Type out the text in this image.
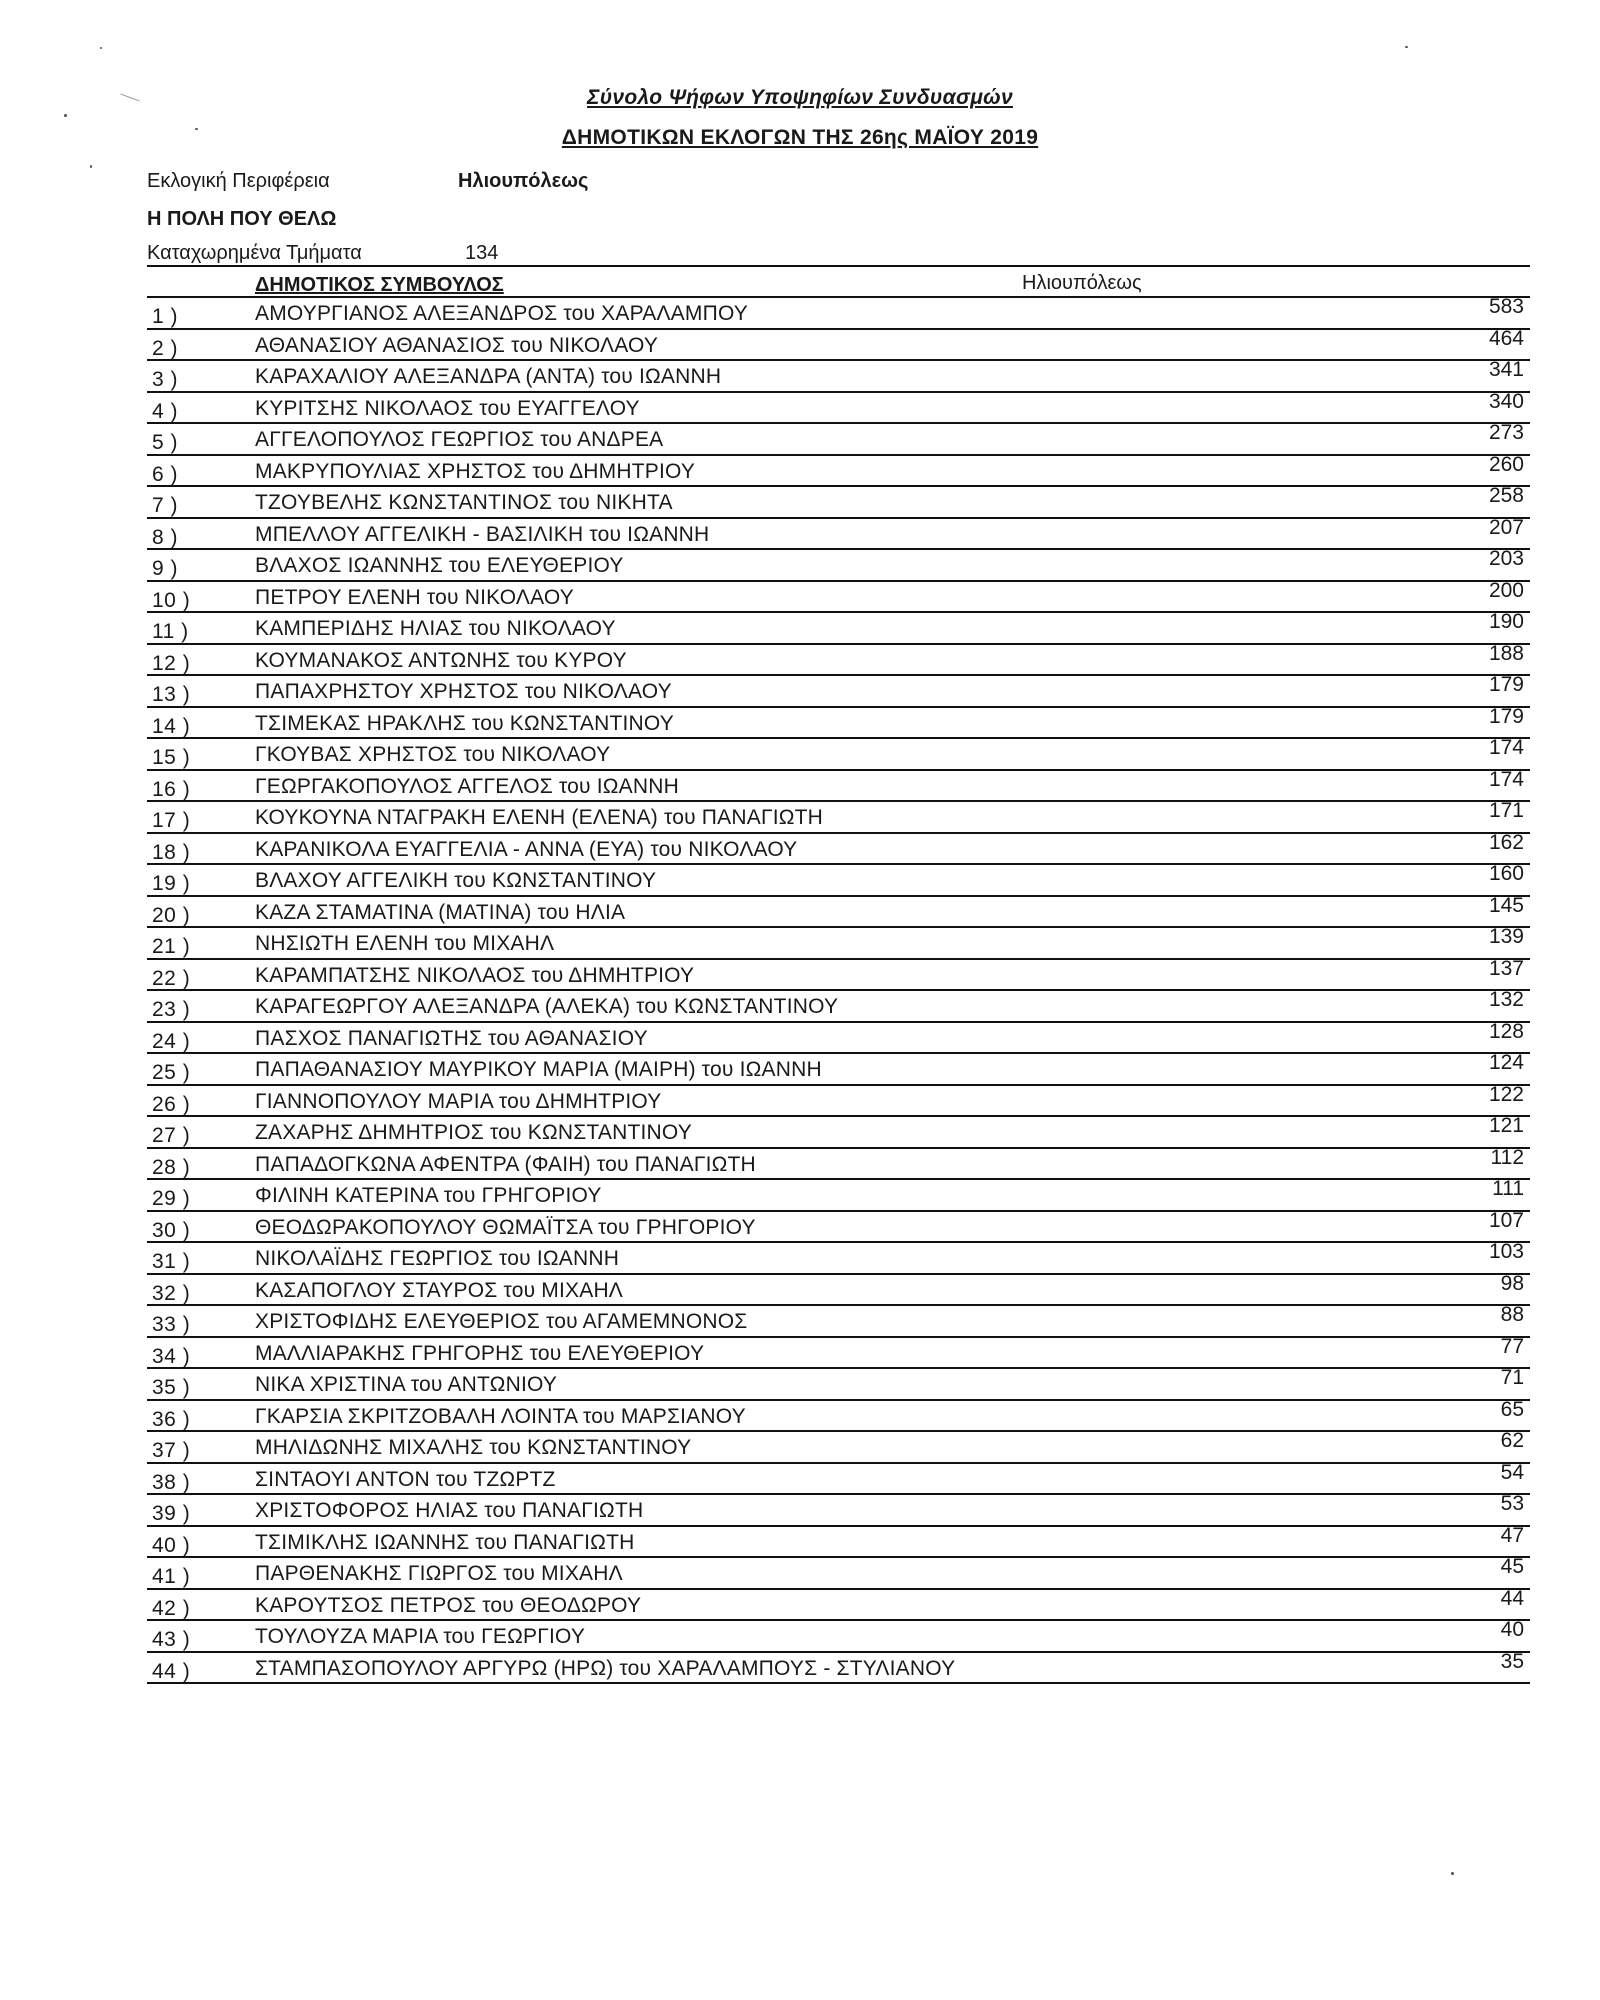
Σύνολο Ψήφων Υποψηφίων Συνδυασμών
ΔΗΜΟΤΙΚΩΝ ΕΚΛΟΓΩΝ ΤΗΣ 26ης ΜΑΪΟΥ 2019
Εκλογική Περιφέρεια	Ηλιουπόλεως
Η ΠΟΛΗ ΠΟΥ ΘΕΛΩ
Καταχωρημένα Τμήματα	134
ΔΗΜΟΤΙΚΟΣ ΣΥΜΒΟΥΛΟΣ	Ηλιουπόλεως
1 )	ΑΜΟΥΡΓΙΑΝΟΣ ΑΛΕΞΑΝΔΡΟΣ του ΧΑΡΑΛΑΜΠΟΥ	583
2 )	ΑΘΑΝΑΣΙΟΥ ΑΘΑΝΑΣΙΟΣ του ΝΙΚΟΛΑΟΥ	464
3 )	ΚΑΡΑΧΑΛΙΟΥ ΑΛΕΞΑΝΔΡΑ (ΑΝΤΑ) του ΙΩΑΝΝΗ	341
4 )	ΚΥΡΙΤΣΗΣ ΝΙΚΟΛΑΟΣ του ΕΥΑΓΓΕΛΟΥ	340
5 )	ΑΓΓΕΛΟΠΟΥΛΟΣ ΓΕΩΡΓΙΟΣ του ΑΝΔΡΕΑ	273
6 )	ΜΑΚΡΥΠΟΥΛΙΑΣ ΧΡΗΣΤΟΣ του ΔΗΜΗΤΡΙΟΥ	260
7 )	ΤΖΟΥΒΕΛΗΣ ΚΩΝΣΤΑΝΤΙΝΟΣ του ΝΙΚΗΤΑ	258
8 )	ΜΠΕΛΛΟΥ ΑΓΓΕΛΙΚΗ - ΒΑΣΙΛΙΚΗ του ΙΩΑΝΝΗ	207
9 )	ΒΛΑΧΟΣ ΙΩΑΝΝΗΣ του ΕΛΕΥΘΕΡΙΟΥ	203
10 )	ΠΕΤΡΟΥ ΕΛΕΝΗ του ΝΙΚΟΛΑΟΥ	200
11 )	ΚΑΜΠΕΡΙΔΗΣ ΗΛΙΑΣ του ΝΙΚΟΛΑΟΥ	190
12 )	ΚΟΥΜΑΝΑΚΟΣ ΑΝΤΩΝΗΣ του ΚΥΡΟΥ	188
13 )	ΠΑΠΑΧΡΗΣΤΟΥ ΧΡΗΣΤΟΣ του ΝΙΚΟΛΑΟΥ	179
14 )	ΤΣΙΜΕΚΑΣ ΗΡΑΚΛΗΣ του ΚΩΝΣΤΑΝΤΙΝΟΥ	179
15 )	ΓΚΟΥΒΑΣ ΧΡΗΣΤΟΣ του ΝΙΚΟΛΑΟΥ	174
16 )	ΓΕΩΡΓΑΚΟΠΟΥΛΟΣ ΑΓΓΕΛΟΣ του ΙΩΑΝΝΗ	174
17 )	ΚΟΥΚΟΥΝΑ ΝΤΑΓΡΑΚΗ ΕΛΕΝΗ (ΕΛΕΝΑ) του ΠΑΝΑΓΙΩΤΗ	171
18 )	ΚΑΡΑΝΙΚΟΛΑ ΕΥΑΓΓΕΛΙΑ - ΑΝΝΑ (ΕΥΑ) του ΝΙΚΟΛΑΟΥ	162
19 )	ΒΛΑΧΟΥ ΑΓΓΕΛΙΚΗ του ΚΩΝΣΤΑΝΤΙΝΟΥ	160
20 )	ΚΑΖΑ ΣΤΑΜΑΤΙΝΑ (ΜΑΤΙΝΑ) του ΗΛΙΑ	145
21 )	ΝΗΣΙΩΤΗ ΕΛΕΝΗ του ΜΙΧΑΗΛ	139
22 )	ΚΑΡΑΜΠΑΤΣΗΣ ΝΙΚΟΛΑΟΣ του ΔΗΜΗΤΡΙΟΥ	137
23 )	ΚΑΡΑΓΕΩΡΓΟΥ ΑΛΕΞΑΝΔΡΑ (ΑΛΕΚΑ) του ΚΩΝΣΤΑΝΤΙΝΟΥ	132
24 )	ΠΑΣΧΟΣ ΠΑΝΑΓΙΩΤΗΣ του ΑΘΑΝΑΣΙΟΥ	128
25 )	ΠΑΠΑΘΑΝΑΣΙΟΥ ΜΑΥΡΙΚΟΥ ΜΑΡΙΑ (ΜΑΙΡΗ) του ΙΩΑΝΝΗ	124
26 )	ΓΙΑΝΝΟΠΟΥΛΟΥ ΜΑΡΙΑ του ΔΗΜΗΤΡΙΟΥ	122
27 )	ΖΑΧΑΡΗΣ ΔΗΜΗΤΡΙΟΣ του ΚΩΝΣΤΑΝΤΙΝΟΥ	121
28 )	ΠΑΠΑΔΟΓΚΩΝΑ ΑΦΕΝΤΡΑ (ΦΑΙΗ) του ΠΑΝΑΓΙΩΤΗ	112
29 )	ΦΙΛΙΝΗ ΚΑΤΕΡΙΝΑ του ΓΡΗΓΟΡΙΟΥ	111
30 )	ΘΕΟΔΩΡΑΚΟΠΟΥΛΟΥ ΘΩΜΑΪΤΣΑ του ΓΡΗΓΟΡΙΟΥ	107
31 )	ΝΙΚΟΛΑΪΔΗΣ ΓΕΩΡΓΙΟΣ του ΙΩΑΝΝΗ	103
32 )	ΚΑΣΑΠΟΓΛΟΥ ΣΤΑΥΡΟΣ του ΜΙΧΑΗΛ	98
33 )	ΧΡΙΣΤΟΦΙΔΗΣ ΕΛΕΥΘΕΡΙΟΣ του ΑΓΑΜΕΜΝΟΝΟΣ	88
34 )	ΜΑΛΛΙΑΡΑΚΗΣ ΓΡΗΓΟΡΗΣ του ΕΛΕΥΘΕΡΙΟΥ	77
35 )	ΝΙΚΑ ΧΡΙΣΤΙΝΑ του ΑΝΤΩΝΙΟΥ	71
36 )	ΓΚΑΡΣΙΑ ΣΚΡΙΤΖΟΒΑΛΗ ΛΟΙΝΤΑ του ΜΑΡΣΙΑΝΟΥ	65
37 )	ΜΗΛΙΔΩΝΗΣ ΜΙΧΑΛΗΣ του ΚΩΝΣΤΑΝΤΙΝΟΥ	62
38 )	ΣΙΝΤΑΟΥΙ ΑΝΤΟΝ του ΤΖΩΡΤΖ	54
39 )	ΧΡΙΣΤΟΦΟΡΟΣ ΗΛΙΑΣ του ΠΑΝΑΓΙΩΤΗ	53
40 )	ΤΣΙΜΙΚΛΗΣ ΙΩΑΝΝΗΣ του ΠΑΝΑΓΙΩΤΗ	47
41 )	ΠΑΡΘΕΝΑΚΗΣ ΓΙΩΡΓΟΣ του ΜΙΧΑΗΛ	45
42 )	ΚΑΡΟΥΤΣΟΣ ΠΕΤΡΟΣ του ΘΕΟΔΩΡΟΥ	44
43 )	ΤΟΥΛΟΥΖΑ ΜΑΡΙΑ του ΓΕΩΡΓΙΟΥ	40
44 )	ΣΤΑΜΠΑΣΟΠΟΥΛΟΥ ΑΡΓΥΡΩ (ΗΡΩ) του ΧΑΡΑΛΑΜΠΟΥΣ - ΣΤΥΛΙΑΝΟΥ	35
